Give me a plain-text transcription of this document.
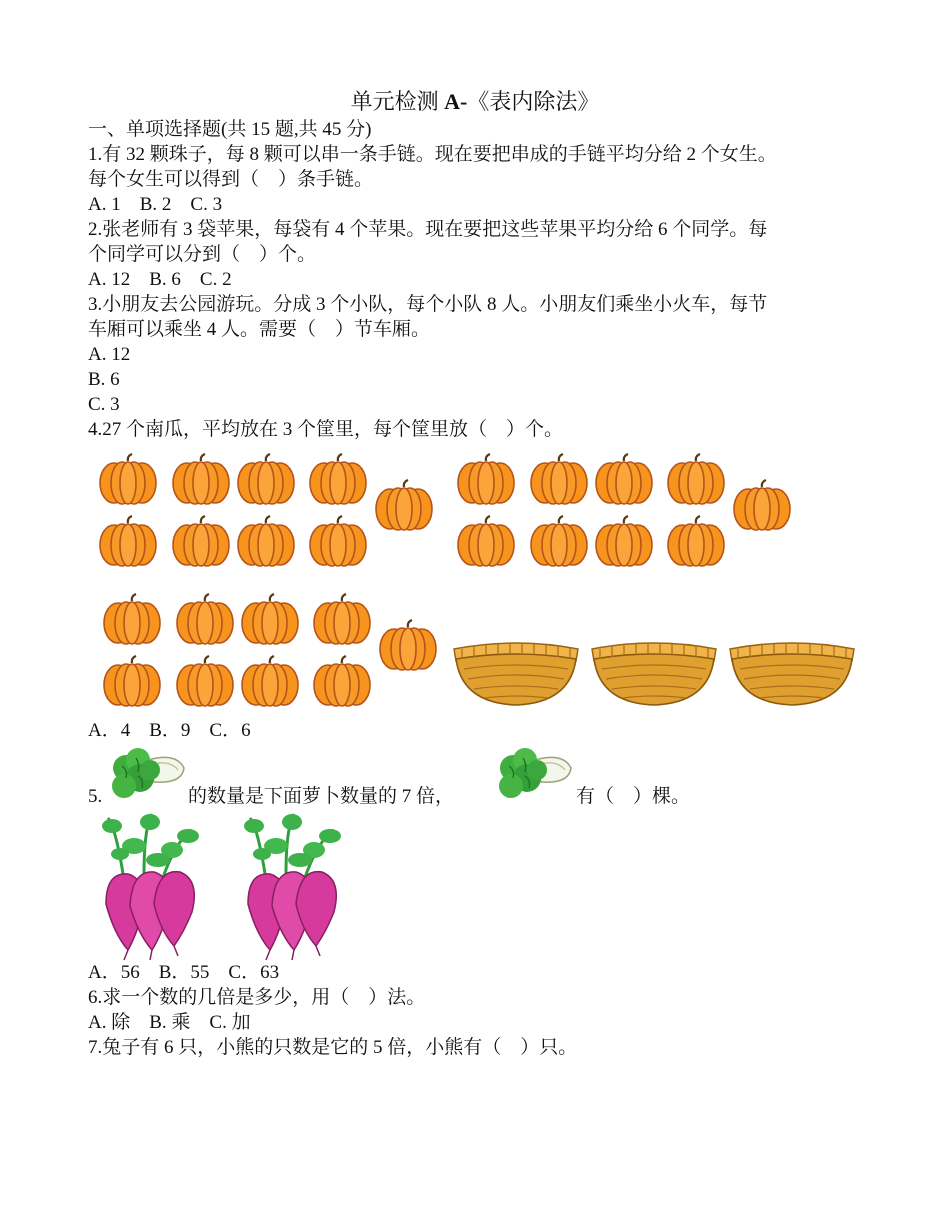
单元检测 A-《表内除法》
一、单项选择题(共 15 题,共 45 分)
1.有 32 颗珠子，每 8 颗可以串一条手链。现在要把串成的手链平均分给 2 个女生。
每个女生可以得到（　）条手链。
A. 1　B. 2　C. 3
2.张老师有 3 袋苹果，每袋有 4 个苹果。现在要把这些苹果平均分给 6 个同学。每
个同学可以分到（　）个。
A. 12　B. 6　C. 2
3.小朋友去公园游玩。分成 3 个小队，每个小队 8 人。小朋友们乘坐小火车，每节
车厢可以乘坐 4 人。需要（　）节车厢。
A. 12
B. 6
C. 3
4.27 个南瓜，平均放在 3 个筐里，每个筐里放（　）个。
A．4　B．9　C．6
5.	的数量是下面萝卜数量的 7 倍，	有（　）棵。
A．56　B．55　C．63
6.求一个数的几倍是多少，用（　）法。
A. 除　B. 乘　C. 加
7.兔子有 6 只，小熊的只数是它的 5 倍，小熊有（　）只。
